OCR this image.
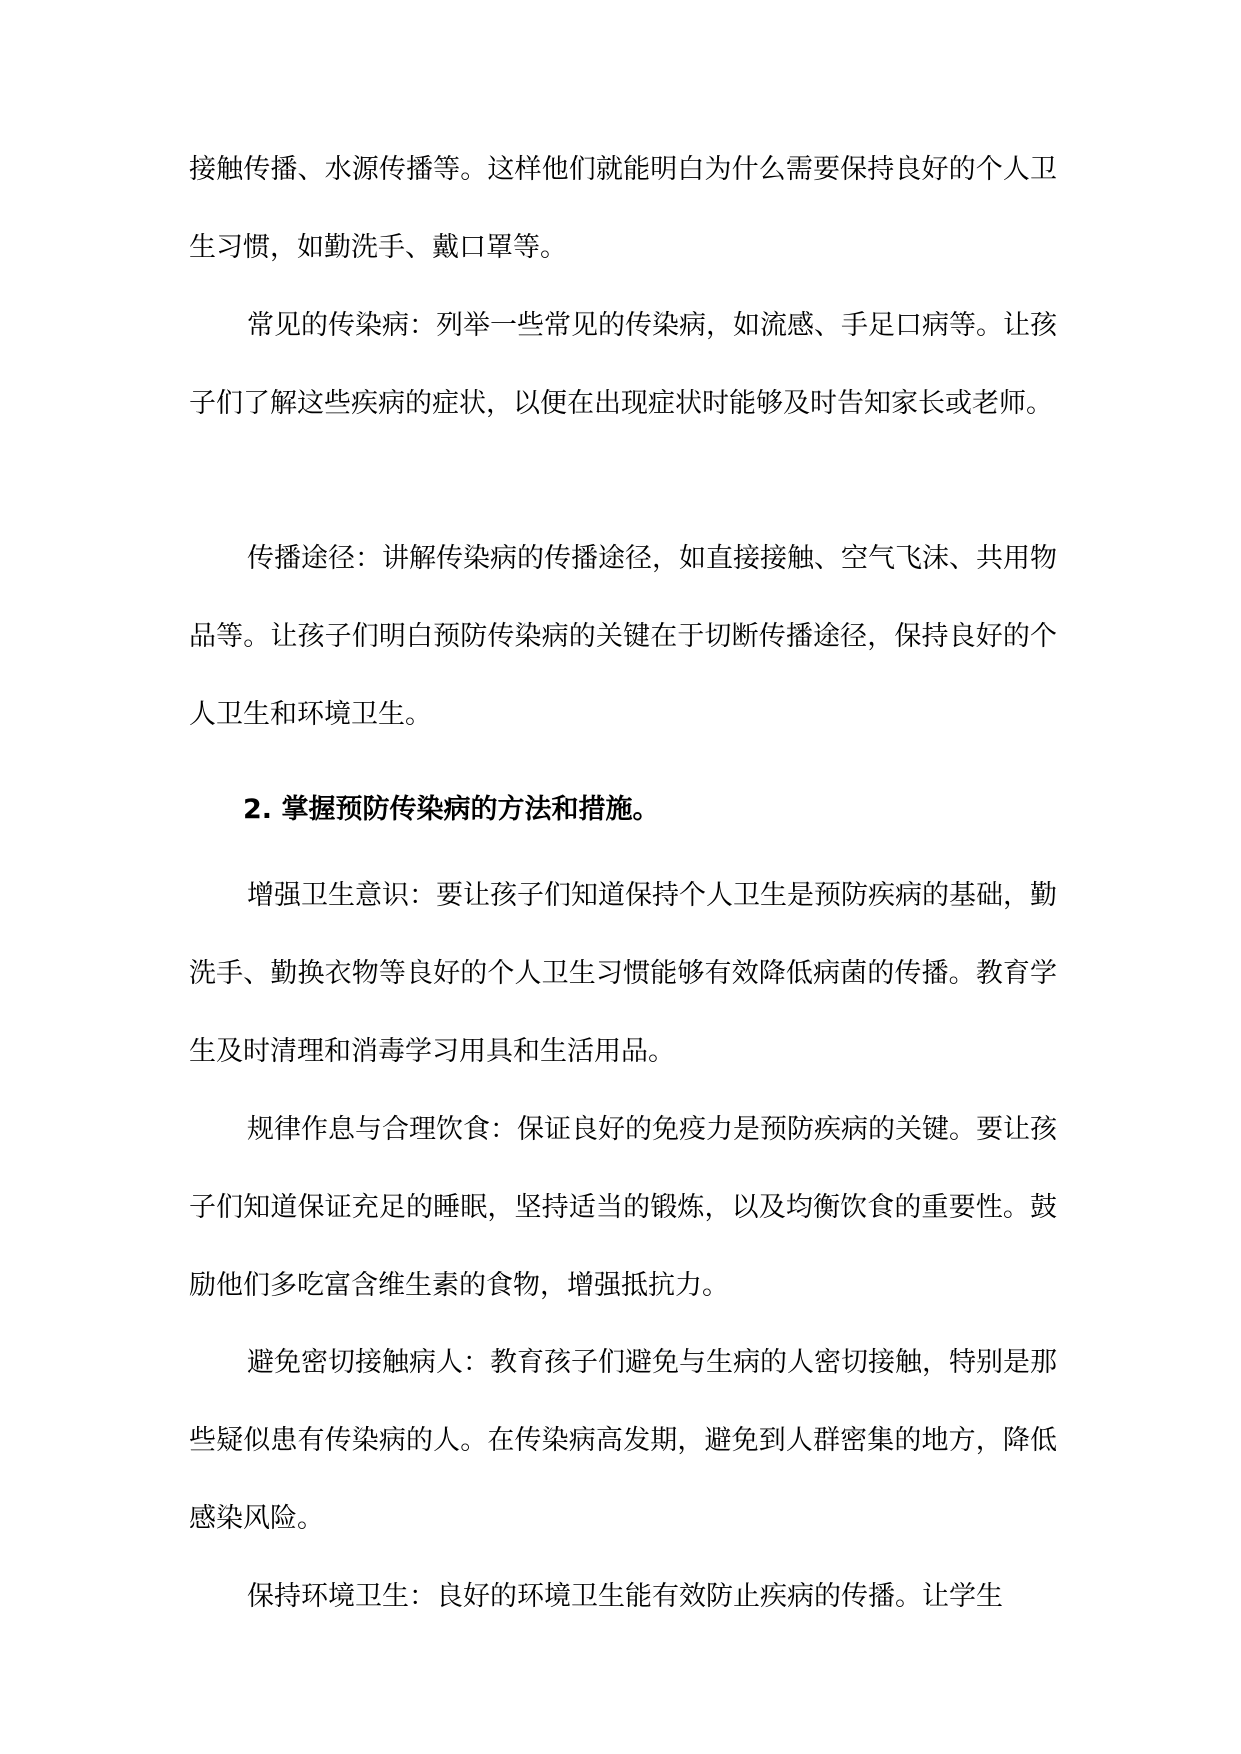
接触传播、水源传播等。这样他们就能明白为什么需要保持良好的个人卫生习惯，如勤洗手、戴口罩等。

常见的传染病：列举一些常见的传染病，如流感、手足口病等。让孩子们了解这些疾病的症状，以便在出现症状时能够及时告知家长或老师。

传播途径：讲解传染病的传播途径，如直接接触、空气飞沫、共用物品等。让孩子们明白预防传染病的关键在于切断传播途径，保持良好的个人卫生和环境卫生。

2. 掌握预防传染病的方法和措施。

增强卫生意识：要让孩子们知道保持个人卫生是预防疾病的基础，勤洗手、勤换衣物等良好的个人卫生习惯能够有效降低病菌的传播。教育学生及时清理和消毒学习用具和生活用品。

规律作息与合理饮食：保证良好的免疫力是预防疾病的关键。要让孩子们知道保证充足的睡眠，坚持适当的锻炼，以及均衡饮食的重要性。鼓励他们多吃富含维生素的食物，增强抵抗力。

避免密切接触病人：教育孩子们避免与生病的人密切接触，特别是那些疑似患有传染病的人。在传染病高发期，避免到人群密集的地方，降低感染风险。

保持环境卫生：良好的环境卫生能有效防止疾病的传播。让学生
